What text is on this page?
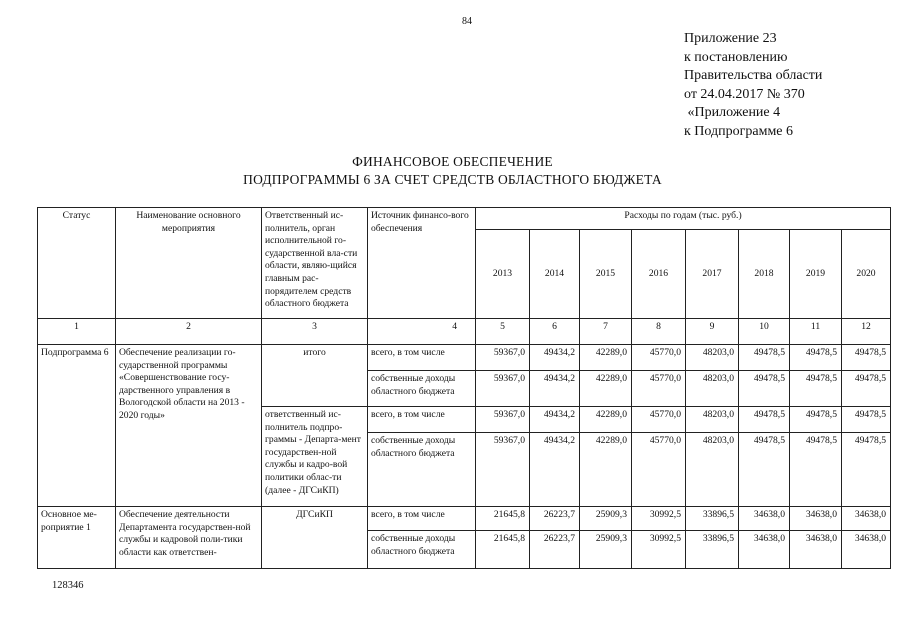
84
Приложение 23
к постановлению
Правительства области
от 24.04.2017 № 370
«Приложение 4
к Подпрограмме 6
ФИНАНСОВОЕ ОБЕСПЕЧЕНИЕ
ПОДПРОГРАММЫ 6 ЗА СЧЕТ СРЕДСТВ ОБЛАСТНОГО БЮДЖЕТА
Статус	Наименование основного мероприятия	Ответственный ис-полнитель, орган исполнительной го-сударственной вла-сти области, являю-щийся главным рас-порядителем средств областного бюджета	Источник финансо-вого обеспечения	Расходы по годам (тыс. руб.)							
				2013	2014	2015	2016	2017	2018	2019	2020
1	2	3	4	5	6	7	8	9	10	11	12
Подпрограмма 6	Обеспечение реализации го-сударственной программы «Совершенствование госу-дарственного управления в Вологодской области на 2013 - 2020 годы»	итого	всего, в том числе	59367,0	49434,2	42289,0	45770,0	48203,0	49478,5	49478,5	49478,5
			собственные доходы областного бюджета	59367,0	49434,2	42289,0	45770,0	48203,0	49478,5	49478,5	49478,5
		ответственный ис-полнитель подпро-граммы - Департа-мент государствен-ной службы и кадро-вой политики облас-ти (далее - ДГСиКП)	всего, в том числе	59367,0	49434,2	42289,0	45770,0	48203,0	49478,5	49478,5	49478,5
			собственные доходы областного бюджета	59367,0	49434,2	42289,0	45770,0	48203,0	49478,5	49478,5	49478,5
Основное ме-роприятие 1	Обеспечение деятельности Департамента государствен-ной службы и кадровой поли-тики области как ответствен-	ДГСиКП	всего, в том числе	21645,8	26223,7	25909,3	30992,5	33896,5	34638,0	34638,0	34638,0
			собственные доходы областного бюджета	21645,8	26223,7	25909,3	30992,5	33896,5	34638,0	34638,0	34638,0
128346
